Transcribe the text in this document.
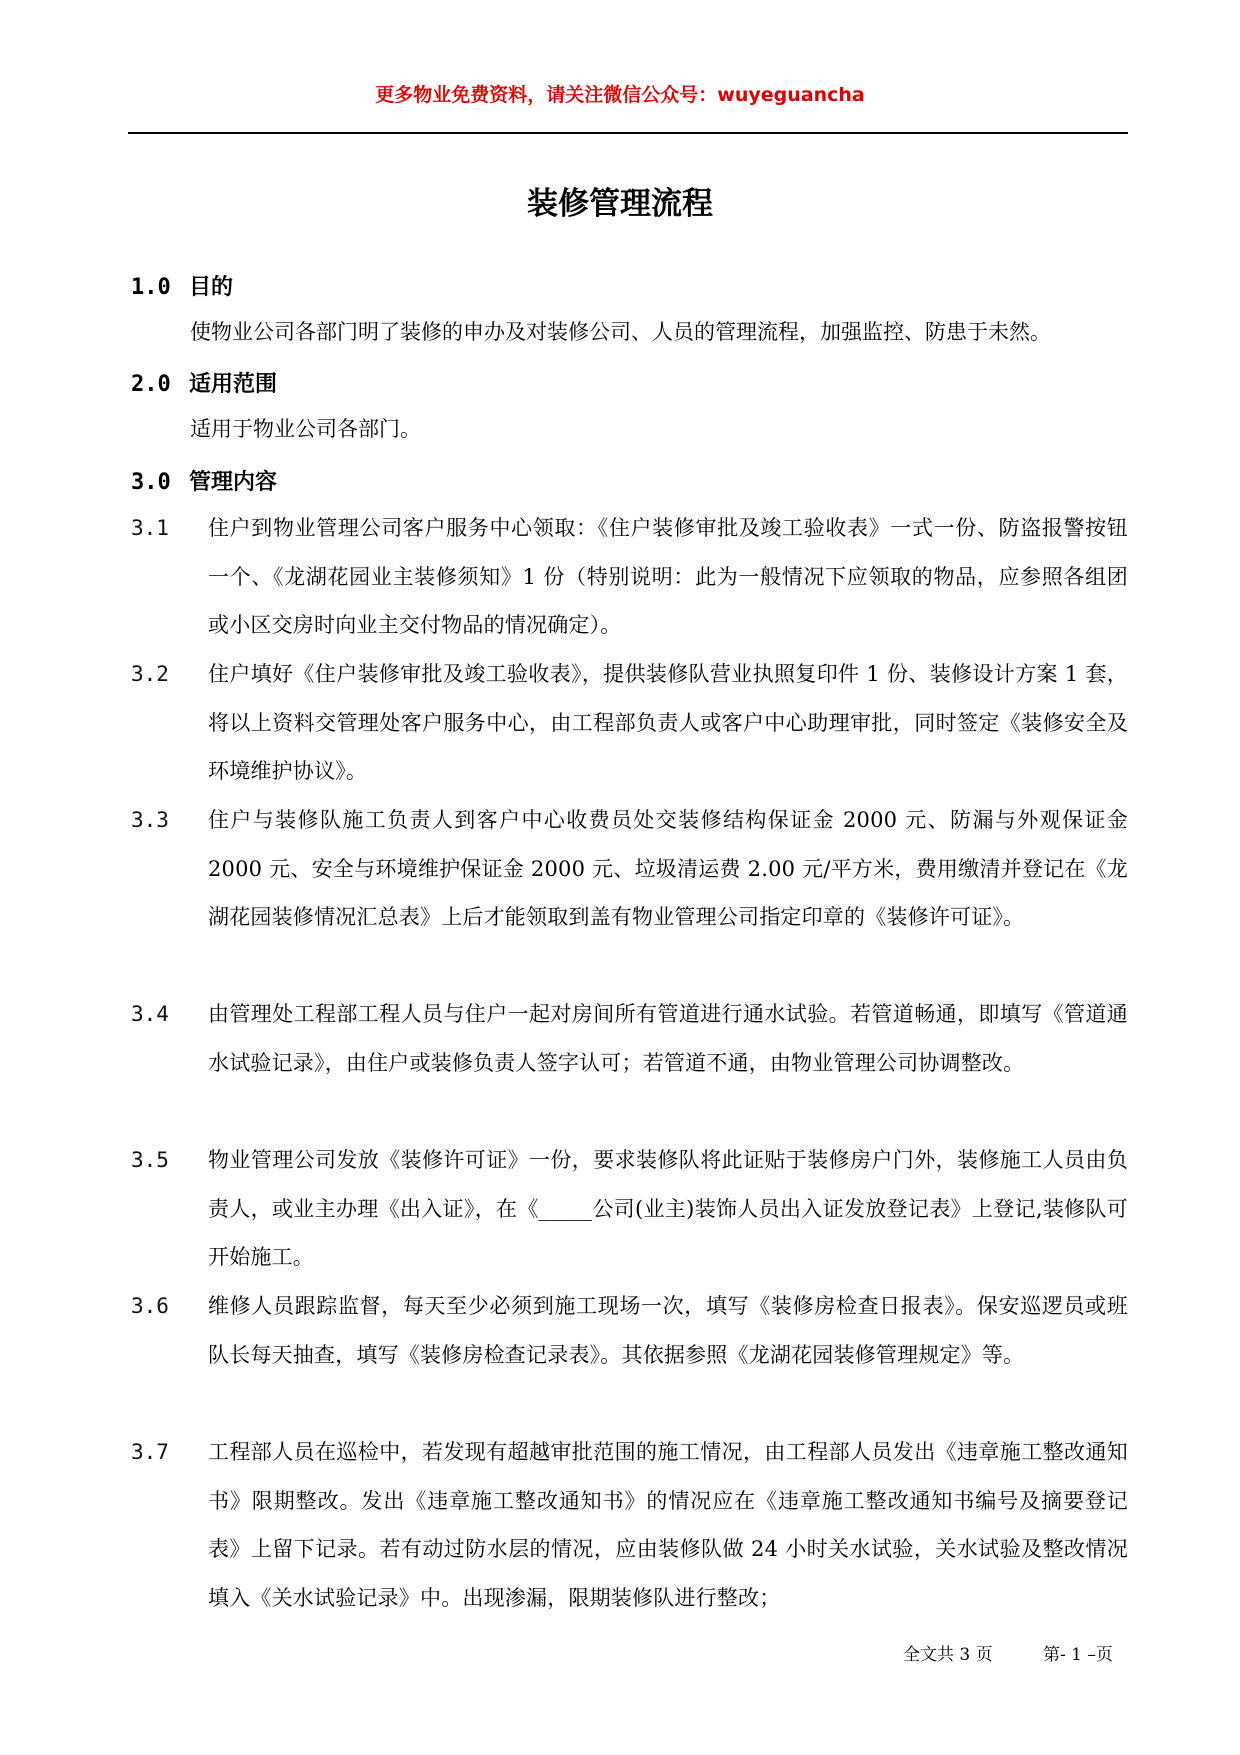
更多物业免费资料，请关注微信公众号：wuyeguancha
装修管理流程
1.0 目的
使物业公司各部门明了装修的申办及对装修公司、人员的管理流程，加强监控、防患于未然。
2.0 适用范围
适用于物业公司各部门。
3.0 管理内容
3.1 住户到物业管理公司客户服务中心领取：《住户装修审批及竣工验收表》一式一份、防盗报警按钮一个、《龙湖花园业主装修须知》1 份（特别说明：此为一般情况下应领取的物品，应参照各组团或小区交房时向业主交付物品的情况确定）。
3.2 住户填好《住户装修审批及竣工验收表》，提供装修队营业执照复印件 1 份、装修设计方案 1 套，将以上资料交管理处客户服务中心，由工程部负责人或客户中心助理审批，同时签定《装修安全及环境维护协议》。
3.3 住户与装修队施工负责人到客户中心收费员处交装修结构保证金 2000 元、防漏与外观保证金 2000 元、安全与环境维护保证金 2000 元、垃圾清运费 2.00 元/平方米，费用缴清并登记在《龙湖花园装修情况汇总表》上后才能领取到盖有物业管理公司指定印章的《装修许可证》。
3.4 由管理处工程部工程人员与住户一起对房间所有管道进行通水试验。若管道畅通，即填写《管道通水试验记录》，由住户或装修负责人签字认可；若管道不通，由物业管理公司协调整改。
3.5 物业管理公司发放《装修许可证》一份，要求装修队将此证贴于装修房户门外，装修施工人员由负责人，或业主办理《出入证》，在《_____公司(业主)装饰人员出入证发放登记表》上登记,装修队可开始施工。
3.6 维修人员跟踪监督，每天至少必须到施工现场一次，填写《装修房检查日报表》。保安巡逻员或班队长每天抽查，填写《装修房检查记录表》。其依据参照《龙湖花园装修管理规定》等。
3.7 工程部人员在巡检中，若发现有超越审批范围的施工情况，由工程部人员发出《违章施工整改通知书》限期整改。发出《违章施工整改通知书》的情况应在《违章施工整改通知书编号及摘要登记表》上留下记录。若有动过防水层的情况，应由装修队做 24 小时关水试验，关水试验及整改情况填入《关水试验记录》中。出现渗漏，限期装修队进行整改；
全文共 3 页	第- 1 –页
